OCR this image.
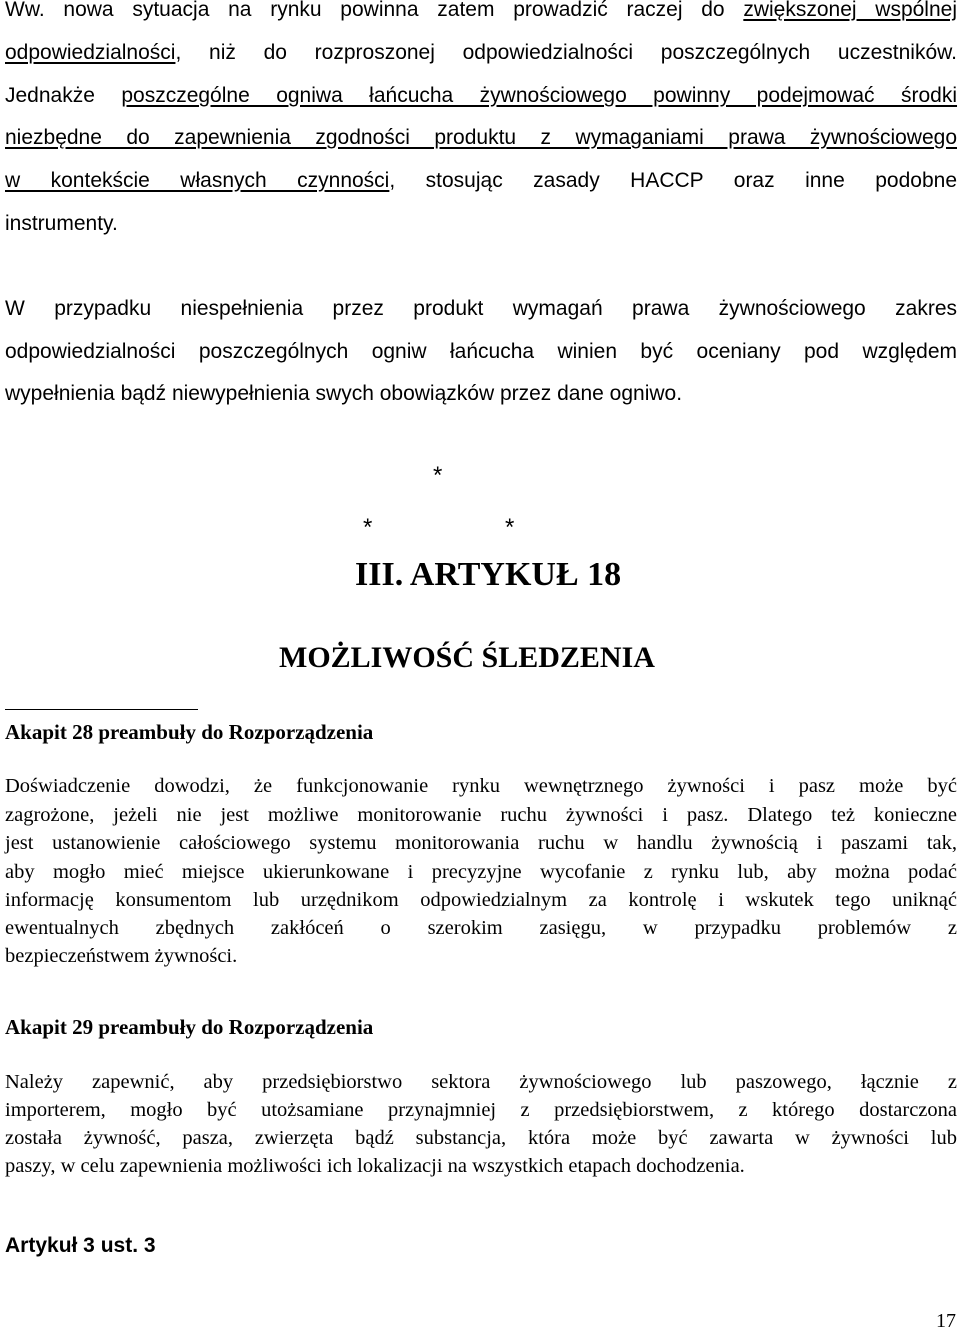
Ww. nowa sytuacja na rynku powinna zatem prowadzić raczej do zwiększonej wspólnej
odpowiedzialności, niż do rozproszonej odpowiedzialności poszczególnych uczestników.
Jednakże poszczególne ogniwa łańcucha żywnościowego powinny podejmować środki
niezbędne do zapewnienia zgodności produktu z wymaganiami prawa żywnościowego
w kontekście własnych czynności, stosując zasady HACCP oraz inne podobne
instrumenty.
W przypadku niespełnienia przez produkt wymagań prawa żywnościowego zakres
odpowiedzialności poszczególnych ogniw łańcucha winien być oceniany pod względem
wypełnienia bądź niewypełnienia swych obowiązków przez dane ogniwo.
*
*	*
III. ARTYKUŁ 18
MOŻLIWOŚĆ ŚLEDZENIA
Akapit 28 preambuły do Rozporządzenia
Doświadczenie dowodzi, że funkcjonowanie rynku wewnętrznego żywności i pasz może być
zagrożone, jeżeli nie jest możliwe monitorowanie ruchu żywności i pasz. Dlatego też konieczne
jest ustanowienie całościowego systemu monitorowania ruchu w handlu żywnością i paszami tak,
aby mogło mieć miejsce ukierunkowane i precyzyjne wycofanie z rynku lub, aby można podać
informację konsumentom lub urzędnikom odpowiedzialnym za kontrolę i wskutek tego uniknąć
ewentualnych zbędnych zakłóceń o szerokim zasięgu, w przypadku problemów z
bezpieczeństwem żywności.
Akapit 29 preambuły do Rozporządzenia
Należy zapewnić, aby przedsiębiorstwo sektora żywnościowego lub paszowego, łącznie z
importerem, mogło być utożsamiane przynajmniej z przedsiębiorstwem, z którego dostarczona
została żywność, pasza, zwierzęta bądź substancja, która może być zawarta w żywności lub
paszy, w celu zapewnienia możliwości ich lokalizacji na wszystkich etapach dochodzenia.
Artykuł 3 ust. 3
17
